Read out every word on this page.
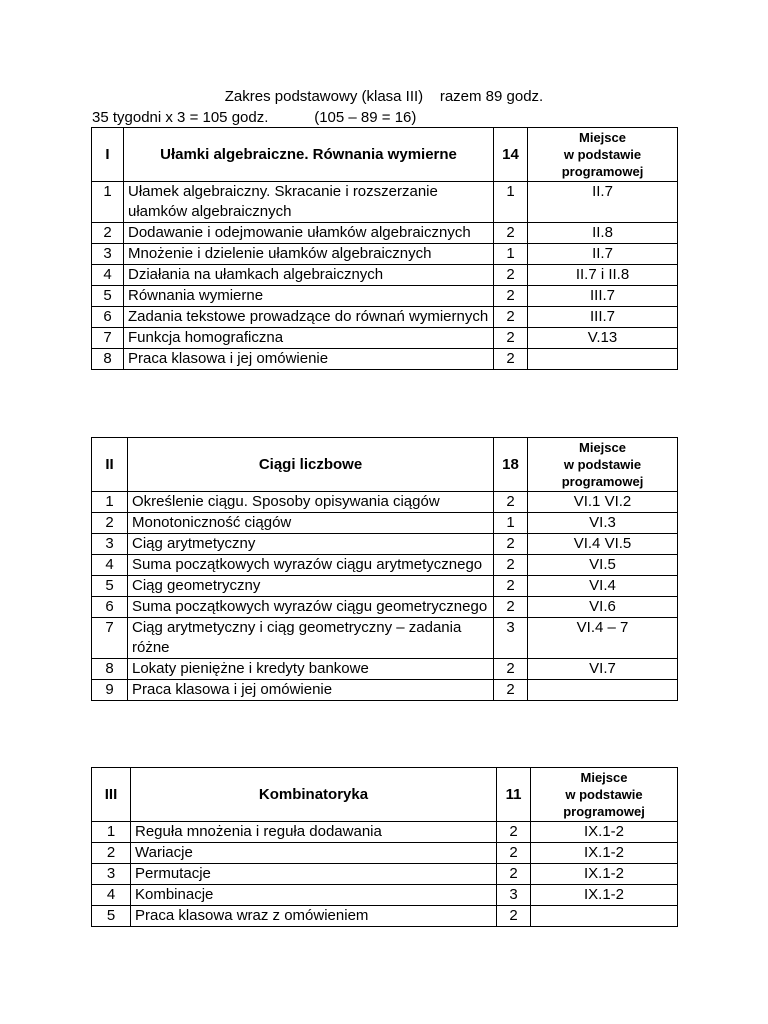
Zakres podstawowy (klasa III)    razem 89 godz.
35 tygodni x 3 = 105 godz.           (105 – 89 = 16)
I	Ułamki algebraiczne. Równania wymierne	14	Miejsce
w podstawie
programowej
1	Ułamek algebraiczny. Skracanie i rozszerzanie ułamków algebraicznych	1	II.7
2	Dodawanie i odejmowanie ułamków algebraicznych	2	II.8
3	Mnożenie i dzielenie ułamków algebraicznych	1	II.7
4	Działania na ułamkach algebraicznych	2	II.7 i II.8
5	Równania wymierne	2	III.7
6	Zadania tekstowe prowadzące do równań wymiernych	2	III.7
7	Funkcja homograficzna	2	V.13
8	Praca klasowa i jej omówienie	2	
II	Ciągi liczbowe	18	Miejsce
w podstawie
programowej
1	Określenie ciągu. Sposoby opisywania ciągów	2	VI.1 VI.2
2	Monotoniczność ciągów	1	VI.3
3	Ciąg arytmetyczny	2	VI.4 VI.5
4	Suma początkowych wyrazów ciągu arytmetycznego	2	VI.5
5	Ciąg geometryczny	2	VI.4
6	Suma początkowych wyrazów ciągu geometrycznego	2	VI.6
7	Ciąg arytmetyczny i ciąg geometryczny – zadania różne	3	VI.4 – 7
8	Lokaty pieniężne i kredyty bankowe	2	VI.7
9	Praca klasowa i jej omówienie	2	
III	Kombinatoryka	11	Miejsce
w podstawie
programowej
1	Reguła mnożenia i reguła dodawania	2	IX.1-2
2	Wariacje	2	IX.1-2
3	Permutacje	2	IX.1-2
4	Kombinacje	3	IX.1-2
5	Praca klasowa wraz z omówieniem	2	
